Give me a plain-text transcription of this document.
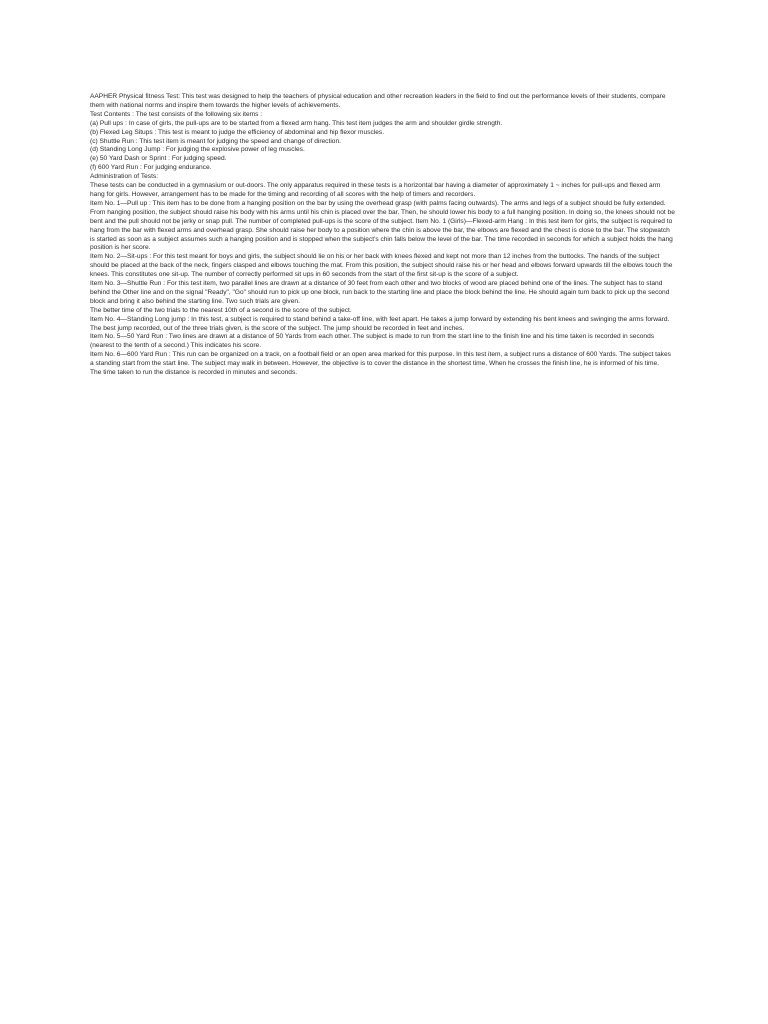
AAPHER Physical fitness Test: This test was designed to help the teachers of physical education and other recreation leaders in the field to find out the performance levels of their students, compare them with national norms and inspire them towards the higher levels of achievements.

Test Contents : The test consists of the following six items :

(a) Pull ups : In case of girls, the pull-ups are to be started from a flexed arm hang. This test item judges the arm and shoulder girdle strength.

(b) Flexed Leg Situps : This test is meant to judge the efficiency of abdominal and hip flexor muscles.

(c) Shuttle Run : This test item is meant for judging the speed and change of direction.

(d) Standing Long Jump : For judging the explosive power of leg muscles.

(e) 50 Yard Dash or Sprint : For judging speed.

(f) 600 Yard Run : For judging endurance.

Administration of Tests:

These tests can be conducted in a gymnasium or out-doors. The only apparatus required in these tests is a horizontal bar having a diameter of approximately 1 ~ inches for pull-ups and flexed arm hang for girls. However, arrangement has to be made for the timing and recording of all scores with the help of timers and recorders.

Item No. 1—Pull up : This item has to be done from a hanging position on the bar by using the overhead grasp (with palms facing outwards). The arms and legs of a subject should be fully extended. From hanging position, the subject should raise his body with his arms until his chin is placed over the bar. Then, he should lower his body to a full hanging position. In doing so, the knees should not be bent and the pull should not be jerky or snap pull. The number of completed pull-ups is the score of the subject. Item No. 1 (Girls)—Flexed-arm Hang : In this test item for girls, the subject is required to hang from the bar with flexed arms and overhead grasp. She should raise her body to a position where the chin is above the bar, the elbows are flexed and the chest is close to the bar. The stopwatch is started as soon as a subject assumes such a hanging position and is stopped when the subject's chin falls below the level of the bar. The time recorded in seconds for which a subject holds the hang position is her score.

Item No. 2—Sit-ups : For this test meant for boys and girls, the subject should lie on his or her back with knees flexed and kept not more than 12 inches from the buttocks. The hands of the subject should be placed at the back of the neck, fingers clasped and elbows touching the mat. From this position, the subject should raise his or her head and elbows forward upwards till the elbows touch the knees. This constitutes one sit-up. The number of correctly performed sit ups in 60 seconds from the start of the first sit-up is the score of a subject.

Item No. 3—Shuttle Run : For this test item, two parallel lines are drawn at a distance of 30 feet from each other and two blocks of wood are placed behind one of the lines. The subject has to stand behind the Other line and on the signal "Ready", "Go" should run to pick up one block, run back to the starting line and place the block behind the line. He should again turn back to pick up the second block and bring it also behind the starting line. Two such trials are given.

The better time of the two trials to the nearest 10th of a second is the score of the subject.

Item No. 4—Standing Long jump : In this test, a subject is required to stand behind a take-off line, with feet apart. He takes a jump forward by extending his bent knees and swinging the arms forward.

The best jump recorded, out of the three trials given, is the score of the subject. The jump should be recorded in feet and inches.

Item No. 5—50 Yard Run : Two lines are drawn at a distance of 50 Yards from each other. The subject is made to run from the start line to the finish line and his time taken is recorded in seconds (nearest to the tenth of a second.) This indicates his score.

Item No. 6—600 Yard Run : This run can be organized on a track, on a football field or an open area marked for this purpose. In this test item, a subject runs a distance of 600 Yards. The subject takes a standing start from the start line. The subject may walk in between. However, the objective is to cover the distance in the shortest time. When he crosses the finish line, he is informed of his time.

The time taken to run the distance is recorded in minutes and seconds.
